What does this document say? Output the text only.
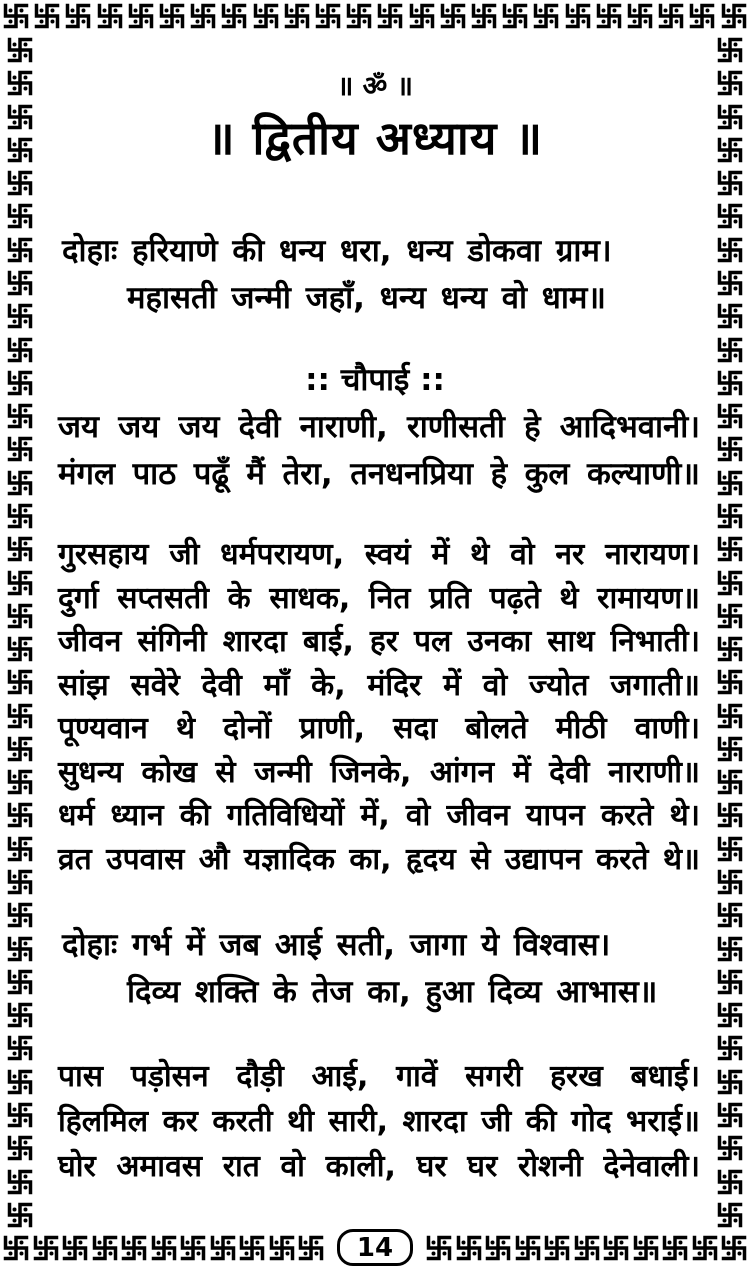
14
॥ ॐ ॥
॥ द्वितीय अध्याय ॥
दोहाः हरियाणे की धन्य धरा, धन्य डोकवा ग्राम।
महासती जन्मी जहाँ, धन्य धन्य वो धाम॥
:: चौपाई ::
जय जय जय देवी नाराणी, राणीसती हे आदिभवानी।
मंगल पाठ पढूँ मैं तेरा, तनधनप्रिया हे कुल कल्याणी॥
गुरसहाय जी धर्मपरायण, स्वयं में थे वो नर नारायण।
दुर्गा सप्तसती के साधक, नित प्रति पढ़ते थे रामायण॥
जीवन संगिनी शारदा बाई, हर पल उनका साथ निभाती।
सांझ सवेरे देवी माँ के, मंदिर में वो ज्योत जगाती॥
पूण्यवान थे दोनों प्राणी, सदा बोलते मीठी वाणी।
सुधन्य कोख से जन्मी जिनके, आंगन में देवी नाराणी॥
धर्म ध्यान की गतिविधियों में, वो जीवन यापन करते थे।
व्रत उपवास औ यज्ञादिक का, हृदय से उद्यापन करते थे॥
दोहाः गर्भ में जब आई सती, जागा ये विश्वास।
दिव्य शक्ति के तेज का, हुआ दिव्य आभास॥
पास पड़ोसन दौड़ी आई, गावें सगरी हरख बधाई।
हिलमिल कर करती थी सारी, शारदा जी की गोद भराई॥
घोर अमावस रात वो काली, घर घर रोशनी देनेवाली।
